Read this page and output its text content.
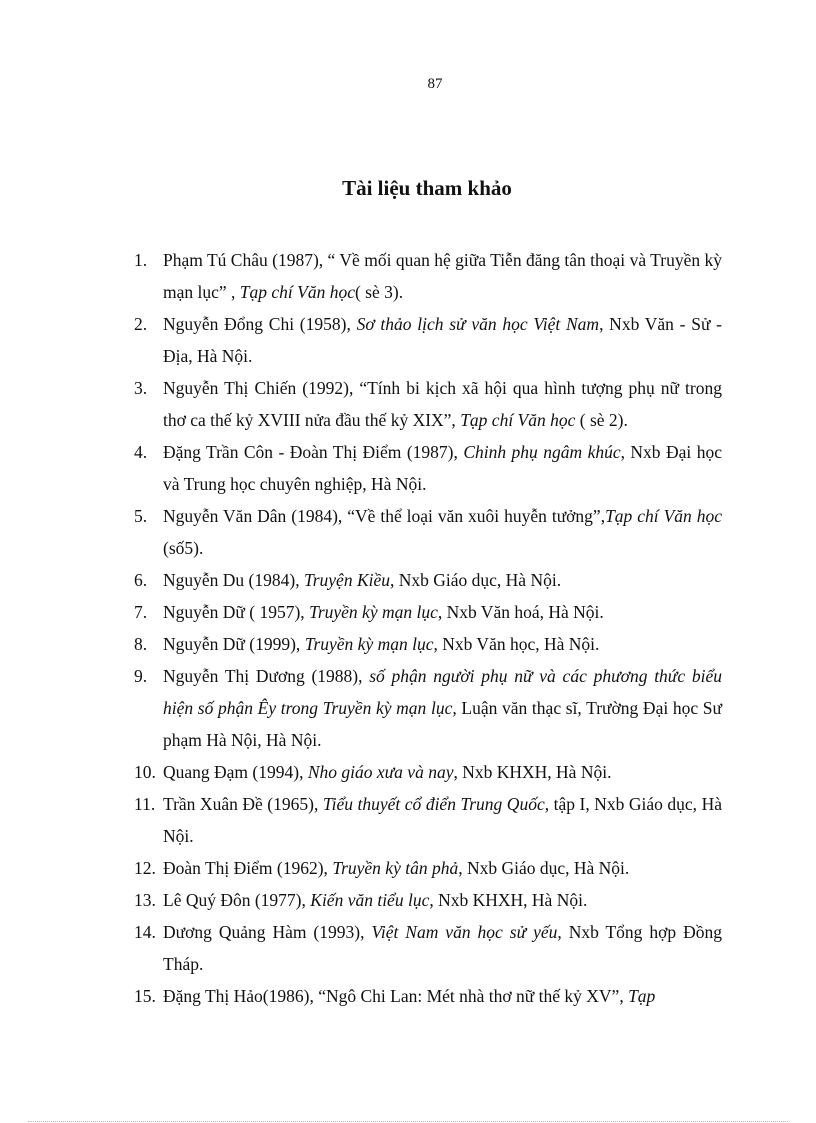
87
Tài liệu tham khảo
1. Phạm Tú Châu (1987), “ Về mối quan hệ giữa Tiễn đăng tân thoại và Truyền kỳ mạn lục” , Tạp chí Văn học( sè 3).
2. Nguyễn Đổng Chi (1958), Sơ thảo lịch sử văn học Việt Nam, Nxb Văn - Sử - Địa, Hà Nội.
3. Nguyễn Thị Chiến (1992), “Tính bi kịch xã hội qua hình tượng phụ nữ trong thơ ca thế kỷ XVIII nửa đầu thế kỷ XIX”, Tạp chí Văn học ( sè 2).
4. Đặng Trần Côn - Đoàn Thị Điểm (1987), Chinh phụ ngâm khúc, Nxb Đại học và Trung học chuyên nghiệp, Hà Nội.
5. Nguyễn Văn Dân (1984), “Về thể loại văn xuôi huyễn tưởng”,Tạp chí Văn học (số5).
6. Nguyễn Du (1984), Truyện Kiều, Nxb Giáo dục, Hà Nội.
7. Nguyễn Dữ ( 1957), Truyền kỳ mạn lục, Nxb Văn hoá, Hà Nội.
8. Nguyễn Dữ (1999), Truyền kỳ mạn lục, Nxb Văn học, Hà Nội.
9. Nguyễn Thị Dương (1988), số phận người phụ nữ và các phương thức biểu hiện số phận Êy trong Truyền kỳ mạn lục, Luận văn thạc sĩ, Trường Đại học Sư phạm Hà Nội, Hà Nội.
10. Quang Đạm (1994), Nho giáo xưa và nay, Nxb KHXH, Hà Nội.
11. Trần Xuân Đề (1965), Tiểu thuyết cổ điển Trung Quốc, tập I, Nxb Giáo dục, Hà Nội.
12. Đoàn Thị Điểm (1962), Truyền kỳ tân phả, Nxb Giáo dục, Hà Nội.
13. Lê Quý Đôn (1977), Kiến văn tiểu lục, Nxb KHXH, Hà Nội.
14. Dương Quảng Hàm (1993), Việt Nam văn học sử yếu, Nxb Tổng hợp Đồng Tháp.
15. Đặng Thị Hảo(1986), “Ngô Chi Lan: Mét nhà thơ nữ thế kỷ XV”, Tạp
